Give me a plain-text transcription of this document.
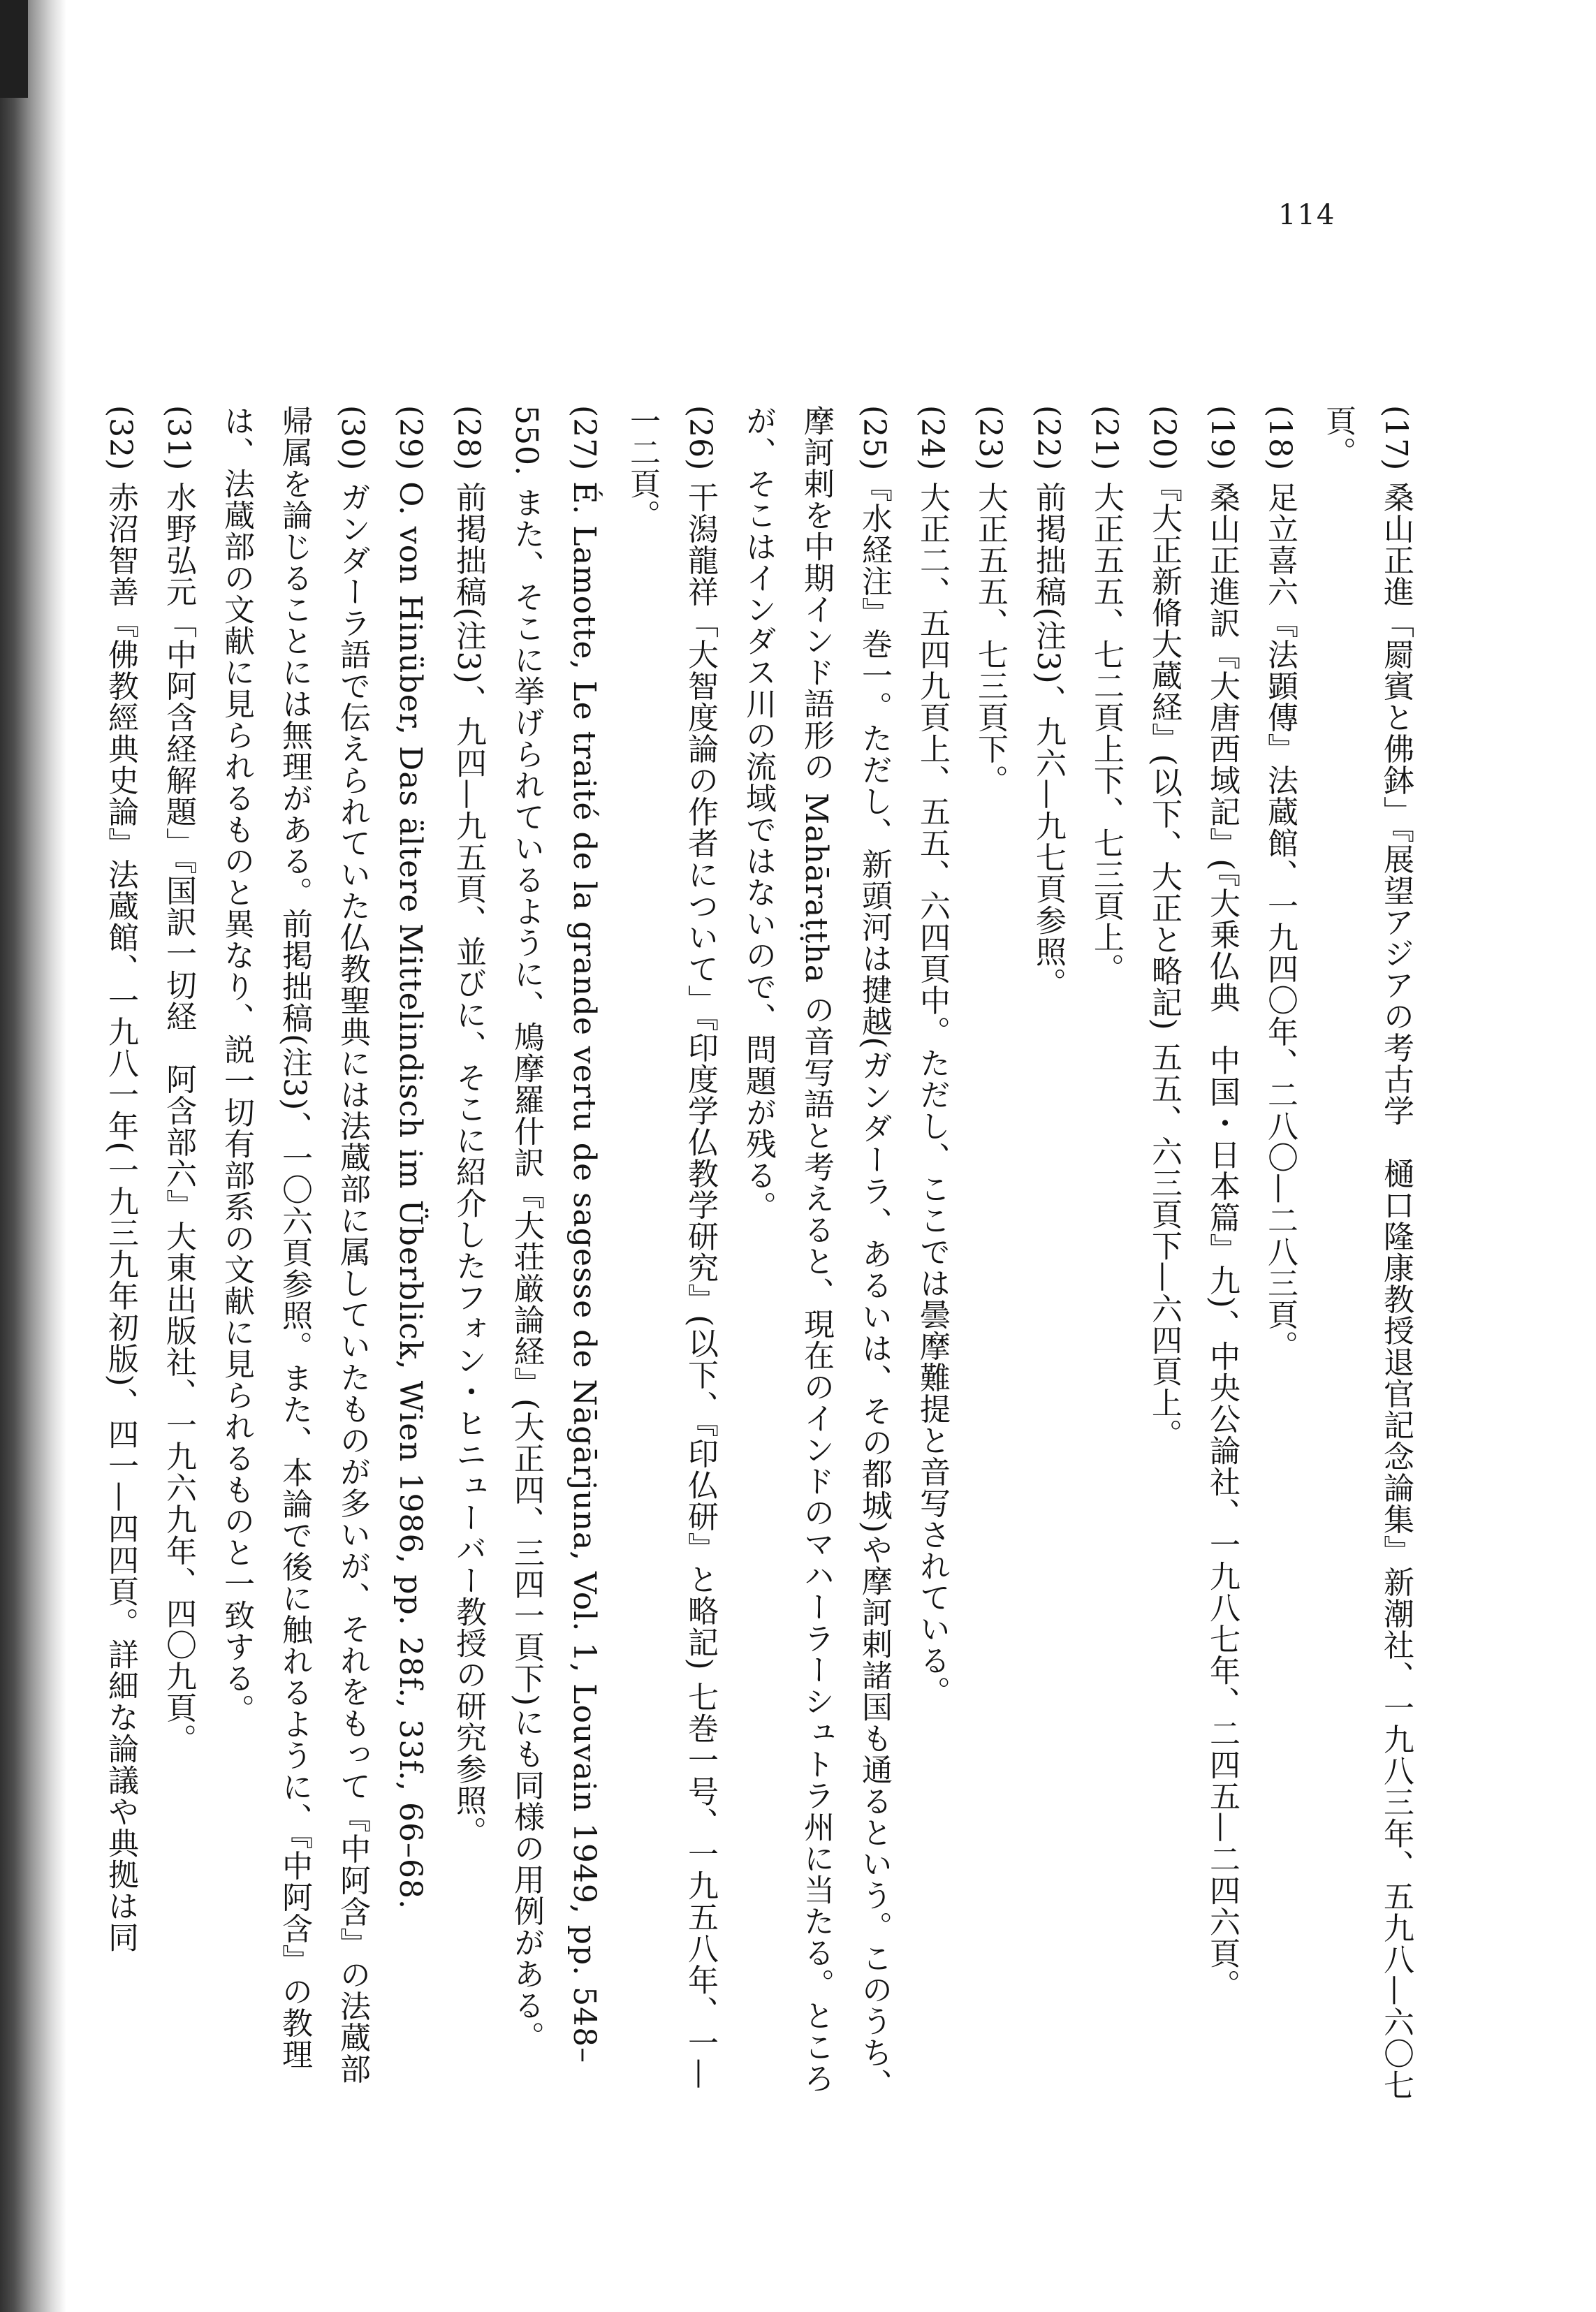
114

(17) 桑山正進「罽賓と佛鉢」『展望アジアの考古学　樋口隆康教授退官記念論集』新潮社、一九八三年、五九八—六〇七頁。

(18) 足立喜六『法顕傳』法蔵館、一九四〇年、二八〇—二八三頁。

(19) 桑山正進訳『大唐西域記』(『大乗仏典　中国・日本篇』九)、中央公論社、一九八七年、二四五—二四六頁。

(20)『大正新脩大蔵経』(以下、大正と略記) 五五、六三頁下—六四頁上。

(21) 大正五五、七二頁上下、七三頁上。

(22) 前掲拙稿(注3)、九六—九七頁参照。

(23) 大正五五、七三頁下。

(24) 大正二、五四九頁上、五五、六四頁中。ただし、ここでは曇摩難提と音写されている。

(25)『水経注』巻一。ただし、新頭河は揵越(ガンダーラ、あるいは、その都城)や摩訶剌諸国も通るという。このうち、摩訶剌を中期インド語形の Mahāraṭṭha の音写語と考えると、現在のインドのマハーラーシュトラ州に当たる。ところが、そこはインダス川の流域ではないので、問題が残る。

(26) 干潟龍祥「大智度論の作者について」『印度学仏教学研究』(以下、『印仏研』と略記) 七巻一号、一九五八年、一—一二頁。

(27) É. Lamotte, Le traité de la grande vertu de sagesse de Nāgārjuna, Vol. 1, Louvain 1949, pp. 548–550. また、そこに挙げられているように、鳩摩羅什訳『大荘厳論経』(大正四、三四一頁下)にも同様の用例がある。

(28) 前掲拙稿(注3)、九四—九五頁、並びに、そこに紹介したフォン・ヒニューバー教授の研究参照。

(29) O. von Hinüber, Das ältere Mittelindisch im Überblick, Wien 1986, pp. 28f., 33f., 66–68.

(30) ガンダーラ語で伝えられていた仏教聖典には法蔵部に属していたものが多いが、それをもって『中阿含』の法蔵部帰属を論じることには無理がある。前掲拙稿(注3)、一〇六頁参照。また、本論で後に触れるように、『中阿含』の教理は、法蔵部の文献に見られるものと異なり、説一切有部系の文献に見られるものと一致する。

(31) 水野弘元「中阿含経解題」『国訳一切経　阿含部六』大東出版社、一九六九年、四〇九頁。

(32) 赤沼智善『佛教經典史論』法蔵館、一九八一年(一九三九年初版)、四一—四四頁。詳細な論議や典拠は同
